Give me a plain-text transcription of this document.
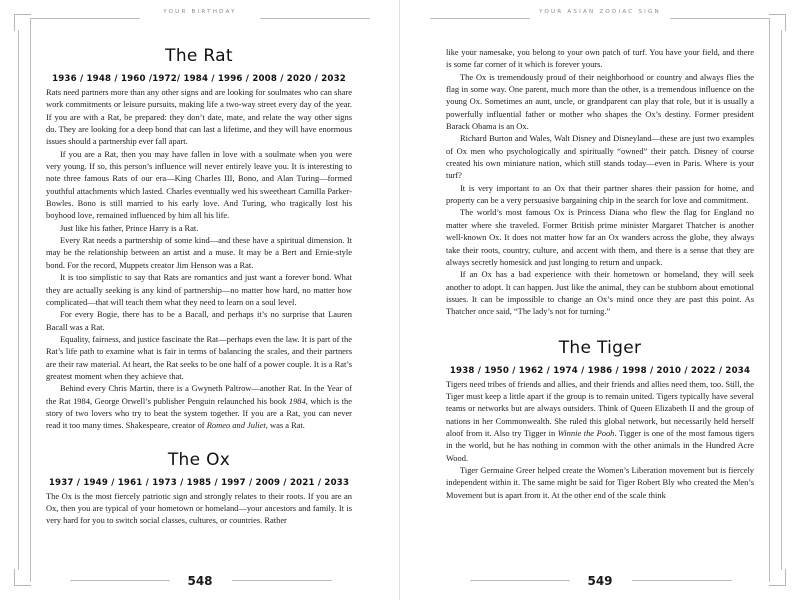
YOUR BIRTHDAY
The Rat
1936 / 1948 / 1960 /1972/ 1984 / 1996 / 2008 / 2020 / 2032

Rats need partners more than any other signs and are looking for soulmates who can share work commitments or leisure pursuits, making life a two-way street every day of the year. If you are with a Rat, be prepared: they don’t date, mate, and relate the way other signs do. They are looking for a deep bond that can last a lifetime, and they will have enormous issues should a partnership ever fall apart.

If you are a Rat, then you may have fallen in love with a soulmate when you were very young. If so, this person’s influence will never entirely leave you. It is interesting to note three famous Rats of our era—King Charles III, Bono, and Alan Turing—formed youthful attachments which lasted. Charles eventually wed his sweetheart Camilla Parker-Bowles. Bono is still married to his early love. And Turing, who tragically lost his boyhood love, remained influenced by him all his life.

Just like his father, Prince Harry is a Rat.

Every Rat needs a partnership of some kind—and these have a spiritual dimension. It may be the relationship between an artist and a muse. It may be a Bert and Ernie-style bond. For the record, Muppets creator Jim Henson was a Rat.

It is too simplistic to say that Rats are romantics and just want a forever bond. What they are actually seeking is any kind of partnership—no matter how hard, no matter how complicated—that will teach them what they need to learn on a soul level.

For every Bogie, there has to be a Bacall, and perhaps it’s no surprise that Lauren Bacall was a Rat.

Equality, fairness, and justice fascinate the Rat—perhaps even the law. It is part of the Rat’s life path to examine what is fair in terms of balancing the scales, and their partners are their raw material. At heart, the Rat seeks to be one half of a power couple. It is a Rat’s greatest moment when they achieve that.

Behind every Chris Martin, there is a Gwyneth Paltrow—another Rat. In the Year of the Rat 1984, George Orwell’s publisher Penguin relaunched his book 1984, which is the story of two lovers who try to beat the system together. If you are a Rat, you can never read it too many times. Shakespeare, creator of Romeo and Juliet, was a Rat.

The Ox
1937 / 1949 / 1961 / 1973 / 1985 / 1997 / 2009 / 2021 / 2033

The Ox is the most fiercely patriotic sign and strongly relates to their roots. If you are an Ox, then you are typical of your hometown or homeland—your ancestors and family. It is very hard for you to switch social classes, cultures, or countries. Rather

548
YOUR ASIAN ZODIAC SIGN

like your namesake, you belong to your own patch of turf. You have your field, and there is some far corner of it which is forever yours.

The Ox is tremendously proud of their neighborhood or country and always flies the flag in some way. One parent, much more than the other, is a tremendous influence on the young Ox. Sometimes an aunt, uncle, or grandparent can play that role, but it is usually a powerfully influential father or mother who shapes the Ox’s destiny. Former president Barack Obama is an Ox.

Richard Burton and Wales, Walt Disney and Disneyland—these are just two examples of Ox men who psychologically and spiritually “owned” their patch. Disney of course created his own miniature nation, which still stands today—even in Paris. Where is your turf?

It is very important to an Ox that their partner shares their passion for home, and property can be a very persuasive bargaining chip in the search for love and commitment.

The world’s most famous Ox is Princess Diana who flew the flag for England no matter where she traveled. Former British prime minister Margaret Thatcher is another well-known Ox. It does not matter how far an Ox wanders across the globe, they always take their roots, country, culture, and accent with them, and there is a sense that they are always secretly homesick and just longing to return and unpack.

If an Ox has a bad experience with their hometown or homeland, they will seek another to adopt. It can happen. Just like the animal, they can be stubborn about emotional issues. It can be impossible to change an Ox’s mind once they are past this point. As Thatcher once said, “The lady’s not for turning.”

The Tiger
1938 / 1950 / 1962 / 1974 / 1986 / 1998 / 2010 / 2022 / 2034

Tigers need tribes of friends and allies, and their friends and allies need them, too. Still, the Tiger must keep a little apart if the group is to remain united. Tigers typically have several teams or networks but are always outsiders. Think of Queen Elizabeth II and the group of nations in her Commonwealth. She ruled this global network, but necessarily held herself aloof from it. Also try Tigger in Winnie the Pooh. Tigger is one of the most famous tigers in the world, but he has nothing in common with the other animals in the Hundred Acre Wood.

Tiger Germaine Greer helped create the Women’s Liberation movement but is fiercely independent within it. The same might be said for Tiger Robert Bly who created the Men’s Movement but is apart from it. At the other end of the scale think

549
